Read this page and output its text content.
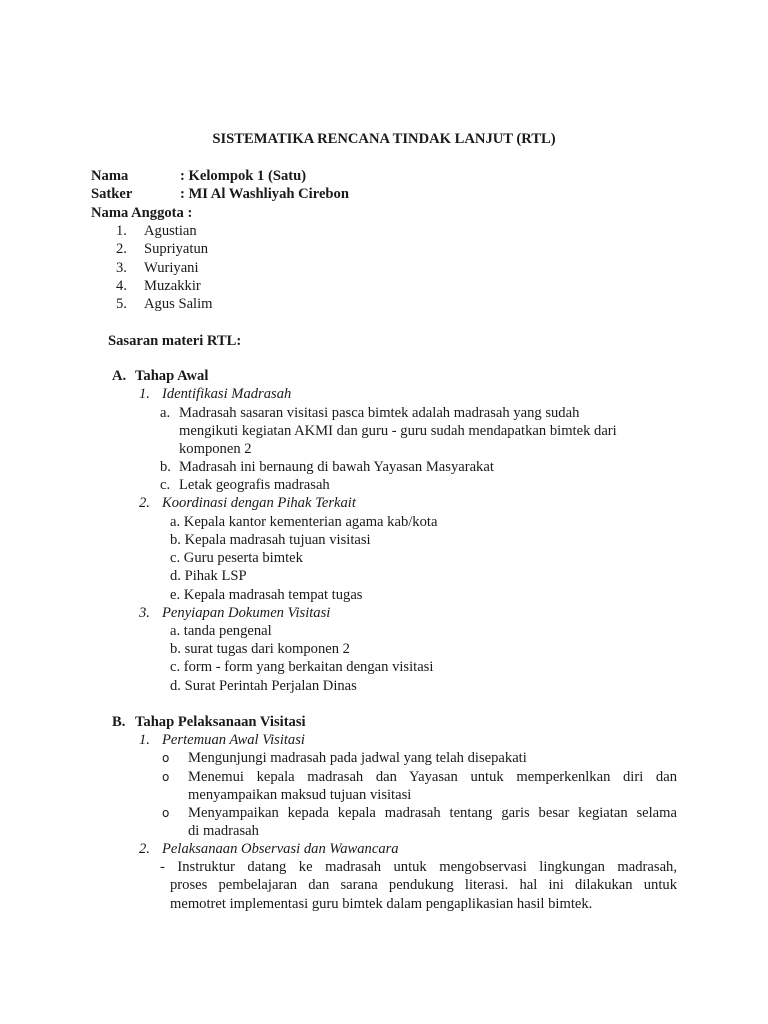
SISTEMATIKA RENCANA TINDAK LANJUT (RTL)
Nama	: Kelompok 1 (Satu)
Satker	: MI Al Washliyah Cirebon
Nama Anggota :
1. Agustian
2. Supriyatun
3. Wuriyani
4. Muzakkir
5. Agus Salim
Sasaran materi RTL:
A. Tahap Awal
1. Identifikasi Madrasah
a. Madrasah sasaran visitasi pasca bimtek adalah madrasah yang sudah
mengikuti kegiatan AKMI dan guru - guru sudah mendapatkan bimtek dari
komponen 2
b. Madrasah ini bernaung di bawah Yayasan Masyarakat
c. Letak geografis madrasah
2. Koordinasi dengan Pihak Terkait
a. Kepala kantor kementerian agama kab/kota
b. Kepala madrasah tujuan visitasi
c. Guru peserta bimtek
d. Pihak LSP
e. Kepala madrasah tempat tugas
3. Penyiapan Dokumen Visitasi
a. tanda pengenal
b. surat tugas dari komponen 2
c. form - form yang berkaitan dengan visitasi
d. Surat Perintah Perjalan Dinas
B. Tahap Pelaksanaan Visitasi
1. Pertemuan Awal Visitasi
o Mengunjungi madrasah pada jadwal yang telah disepakati
o Menemui kepala madrasah dan Yayasan untuk memperkenlkan diri dan
menyampaikan maksud tujuan visitasi
o Menyampaikan kepada kepala madrasah tentang garis besar kegiatan selama
di madrasah
2. Pelaksanaan Observasi dan Wawancara
- Instruktur datang ke madrasah untuk mengobservasi lingkungan madrasah,
proses pembelajaran dan sarana pendukung literasi. hal ini dilakukan untuk
memotret implementasi guru bimtek dalam pengaplikasian hasil bimtek.
